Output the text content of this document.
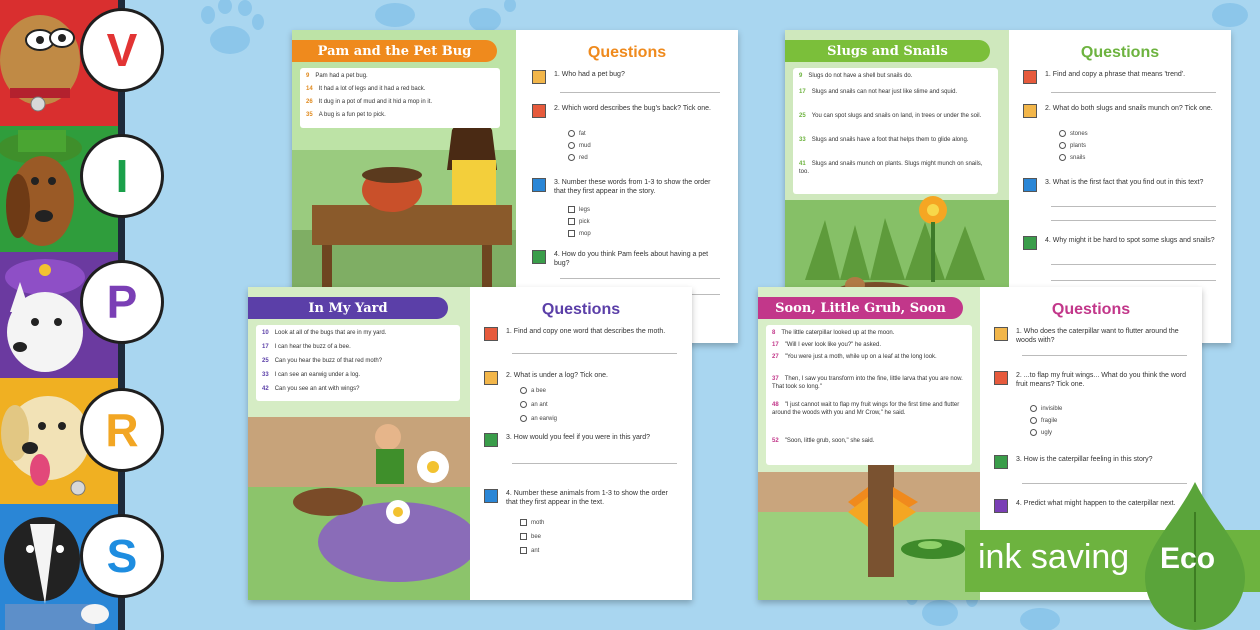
V
I
P
R
S
Pam and the Pet Bug
9 Pam had a pet bug.
14 It had a lot of legs and it had a red back.
26 It dug in a pot of mud and it hid a mop in it.
35 A bug is a fun pet to pick.
Questions
1. Who had a pet bug?
2. Which word describes the bug's back? Tick one.
fat
mud
red
3. Number these words from 1-3 to show the order that they first appear in the story.
legs
pick
mop
4. How do you think Pam feels about having a pet bug?
Slugs and Snails
9 Slugs do not have a shell but snails do.
17 Slugs and snails can not hear just like slime and squid.
25 You can spot slugs and snails on land, in trees or under the soil.
33 Slugs and snails have a foot that helps them to glide along.
41 Slugs and snails munch on plants. Slugs might munch on snails, too.
Questions
1. Find and copy a phrase that means 'trend'.
2. What do both slugs and snails munch on? Tick one.
stones
plants
snails
3. What is the first fact that you find out in this text?
4. Why might it be hard to spot some slugs and snails?
In My Yard
10 Look at all of the bugs that are in my yard.
17 I can hear the buzz of a bee.
25 Can you hear the buzz of that red moth?
33 I can see an earwig under a log.
42 Can you see an ant with wings?
Questions
1. Find and copy one word that describes the moth.
2. What is under a log? Tick one.
a bee
an ant
an earwig
3. How would you feel if you were in this yard?
4. Number these animals from 1-3 to show the order that they first appear in the text.
moth
bee
ant
Soon, Little Grub, Soon
8 The little caterpillar looked up at the moon.
17 "Will I ever look like you?" he asked.
27 "You were just a moth, while up on a leaf at the long look.
37 Then, I saw you transform into the fine, little larva that you are now. That took so long."
48 "I just cannot wait to flap my fruit wings for the first time and flutter around the woods with you and Mr Crow," he said.
52 "Soon, little grub, soon," she said.
Questions
1. Who does the caterpillar want to flutter around the woods with?
2. ...to flap my fruit wings... What do you think the word fruit means? Tick one.
invisible
fragile
ugly
3. How is the caterpillar feeling in this story?
4. Predict what might happen to the caterpillar next.
ink saving Eco
